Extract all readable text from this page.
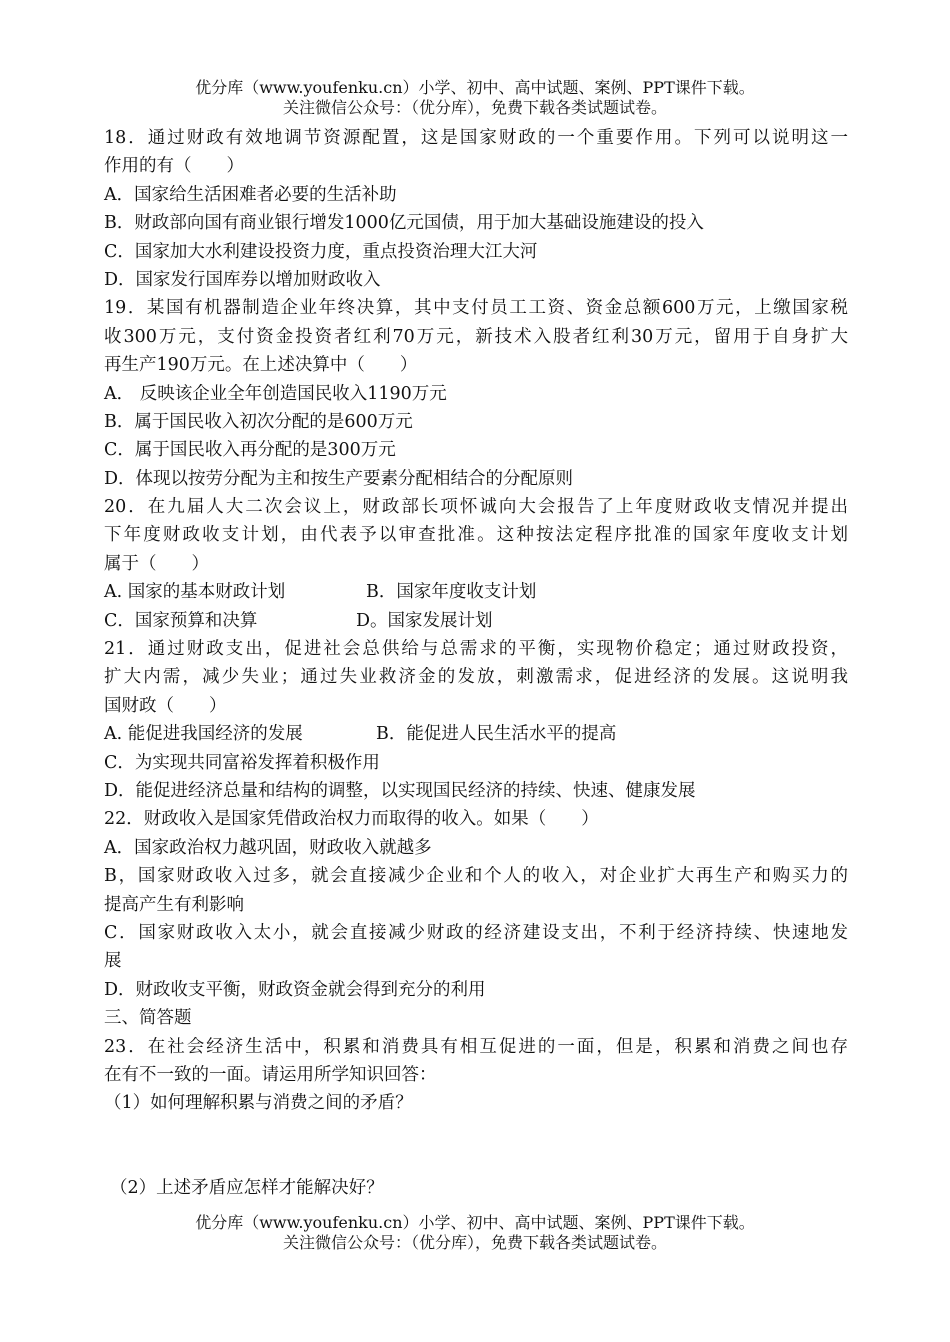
优分库（www.youfenku.cn）小学、初中、高中试题、案例、PPT课件下载。
关注微信公众号：（优分库），免费下载各类试题试卷。
18．通过财政有效地调节资源配置，这是国家财政的一个重要作用。下列可以说明这一
作用的有（　　）
A．国家给生活困难者必要的生活补助
B．财政部向国有商业银行增发1000亿元国债，用于加大基础设施建设的投入
C．国家加大水利建设投资力度，重点投资治理大江大河
D．国家发行国库券以增加财政收入
19．某国有机器制造企业年终决算，其中支付员工工资、资金总额600万元，上缴国家税
收300万元，支付资金投资者红利70万元，新技术入股者红利30万元，留用于自身扩大
再生产190万元。在上述决算中（　　）
A． 反映该企业全年创造国民收入1190万元
B．属于国民收入初次分配的是600万元
C．属于国民收入再分配的是300万元
D．体现以按劳分配为主和按生产要素分配相结合的分配原则
20．在九届人大二次会议上，财政部长项怀诚向大会报告了上年度财政收支情况并提出
下年度财政收支计划，由代表予以审查批准。这种按法定程序批准的国家年度收支计划
属于（　　）
A. 国家的基本财政计划	B．国家年度收支计划
C．国家预算和决算	D。国家发展计划
21．通过财政支出，促进社会总供给与总需求的平衡，实现物价稳定；通过财政投资，
扩大内需，减少失业；通过失业救济金的发放，刺激需求，促进经济的发展。这说明我
国财政（　　）
A. 能促进我国经济的发展	B．能促进人民生活水平的提高
C．为实现共同富裕发挥着积极作用
D．能促进经济总量和结构的调整，以实现国民经济的持续、快速、健康发展
22．财政收入是国家凭借政治权力而取得的收入。如果（　　）
A．国家政治权力越巩固，财政收入就越多
B，国家财政收入过多，就会直接减少企业和个人的收入，对企业扩大再生产和购买力的
提高产生有利影响
C．国家财政收入太小，就会直接减少财政的经济建设支出，不利于经济持续、快速地发
展
D．财政收支平衡，财政资金就会得到充分的利用
三、简答题
23．在社会经济生活中，积累和消费具有相互促进的一面，但是，积累和消费之间也存
在有不一致的一面。请运用所学知识回答：
（1）如何理解积累与消费之间的矛盾？
（2）上述矛盾应怎样才能解决好？
优分库（www.youfenku.cn）小学、初中、高中试题、案例、PPT课件下载。
关注微信公众号：（优分库），免费下载各类试题试卷。
